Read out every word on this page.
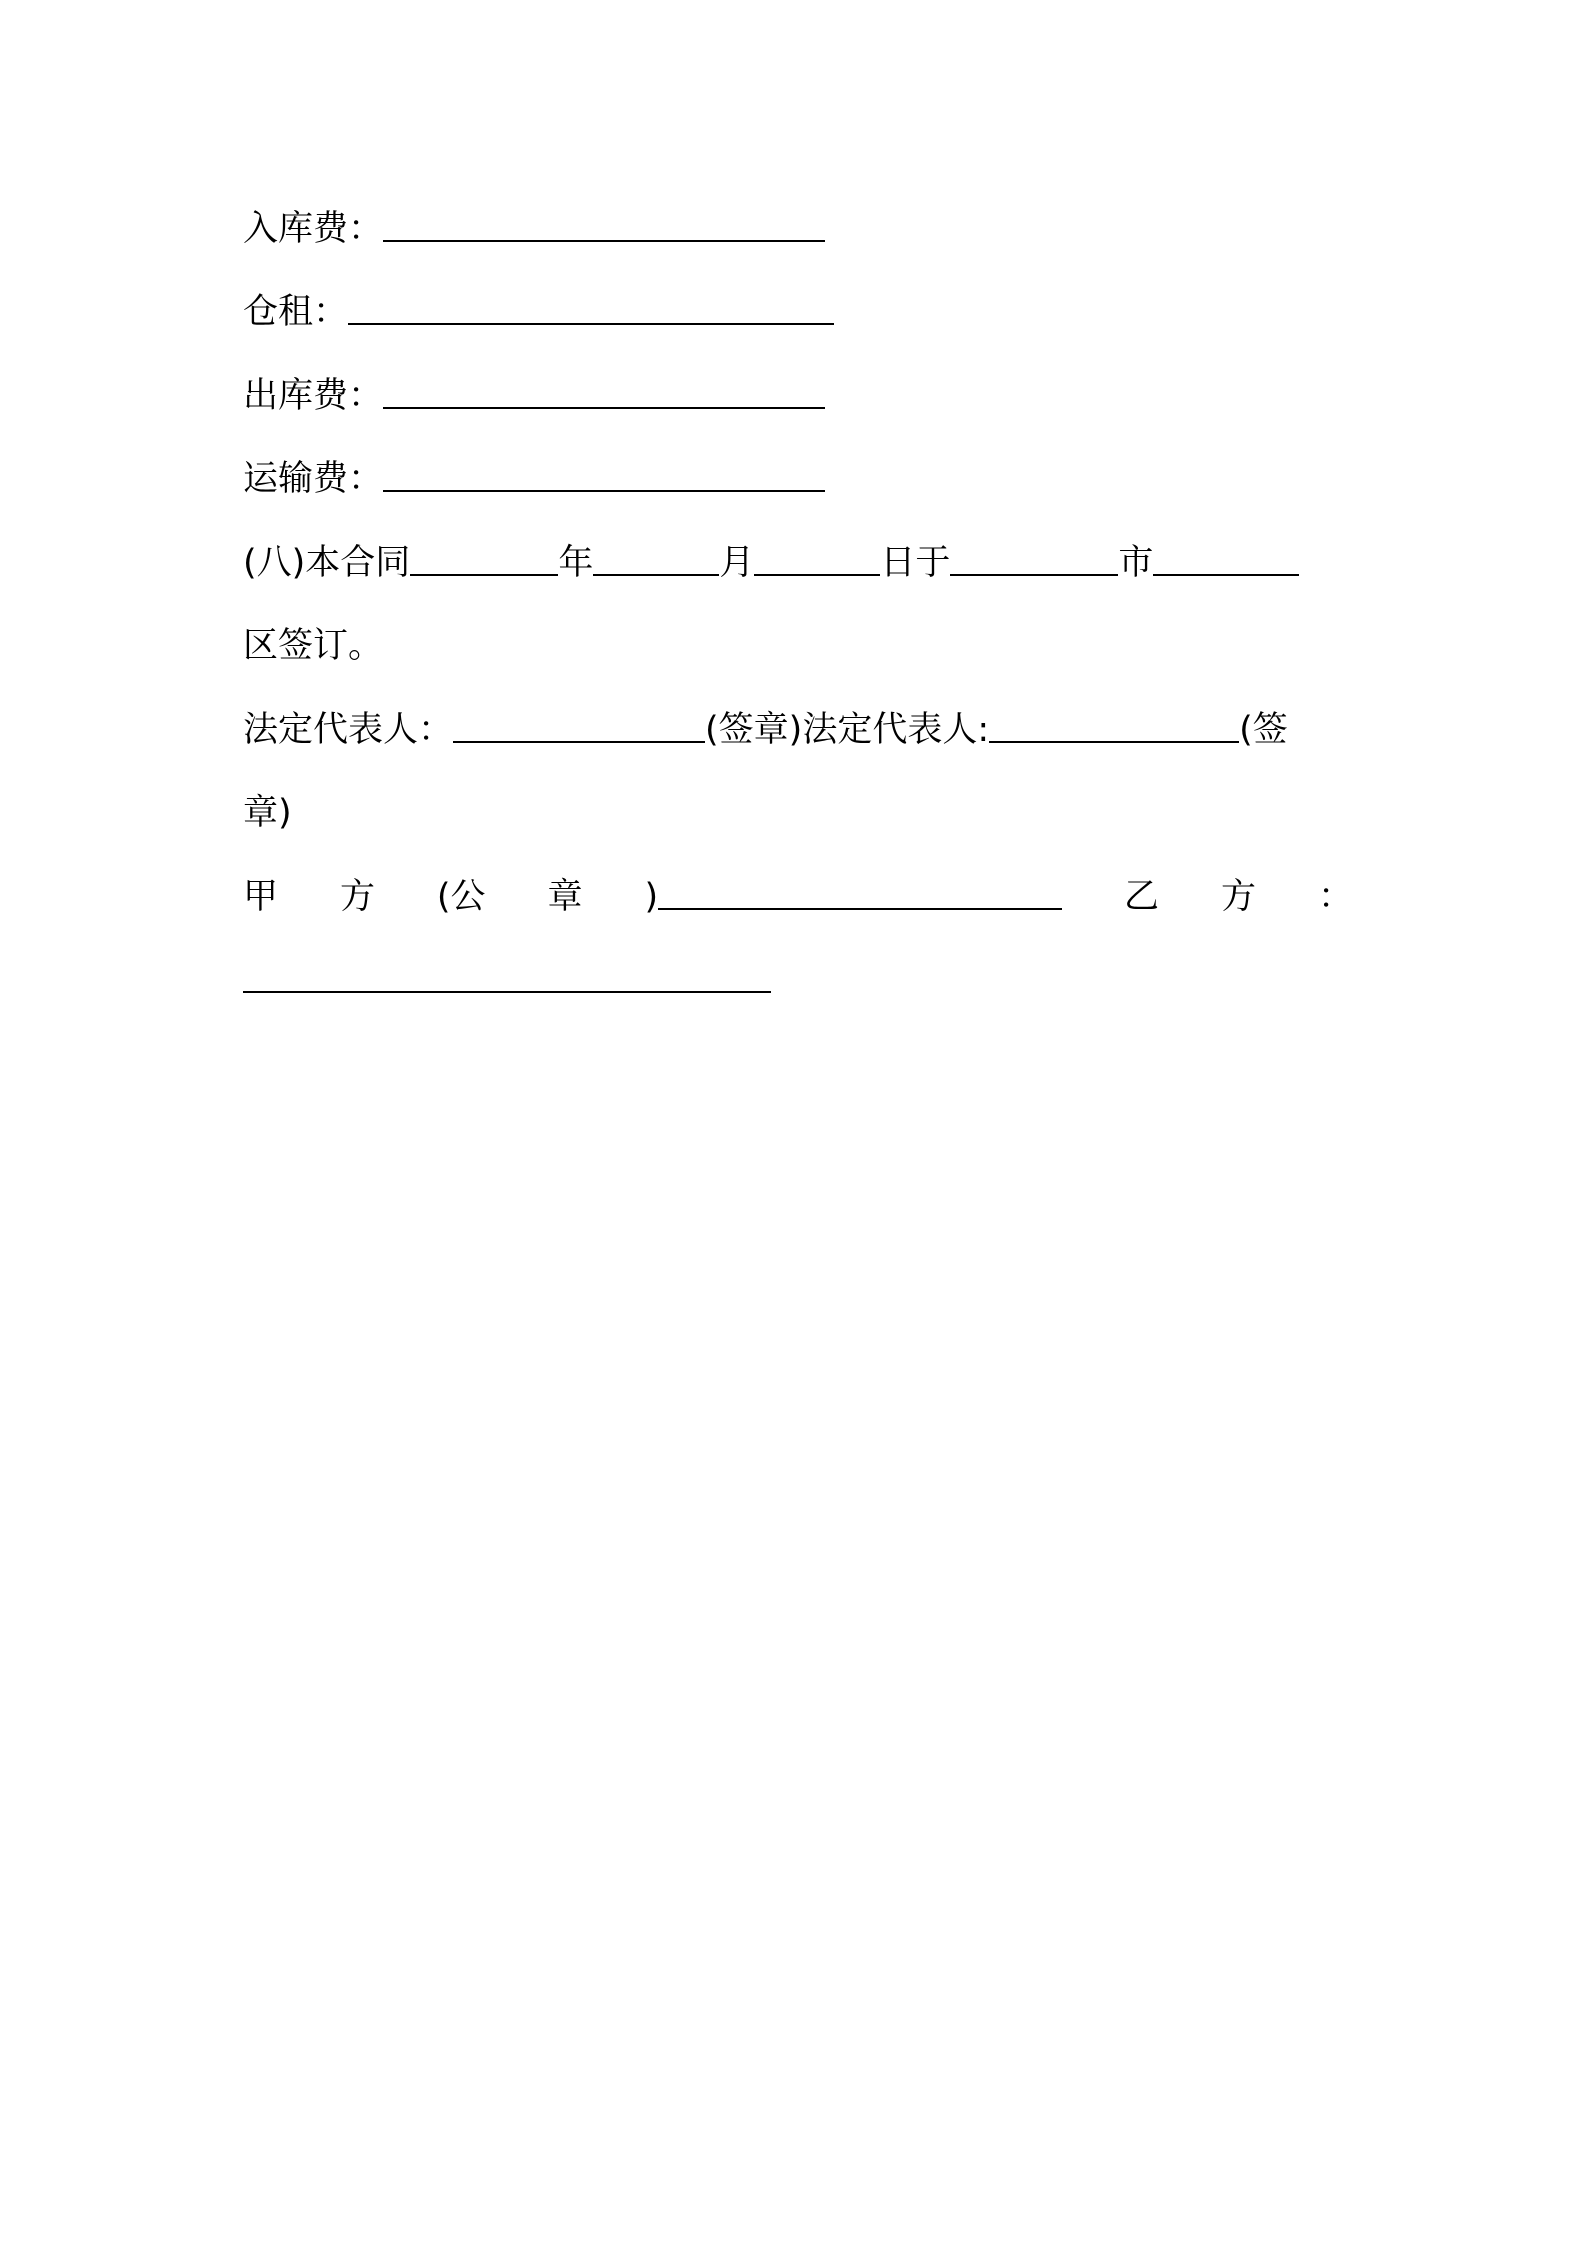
入库费：
仓租：
出库费：
运输费：
(八)本合同	年	月	日于	市
区签订。
法定代表人：	(签章)法定代表人:	(签
章)
甲 方 (公 章 )	乙 方 ：
